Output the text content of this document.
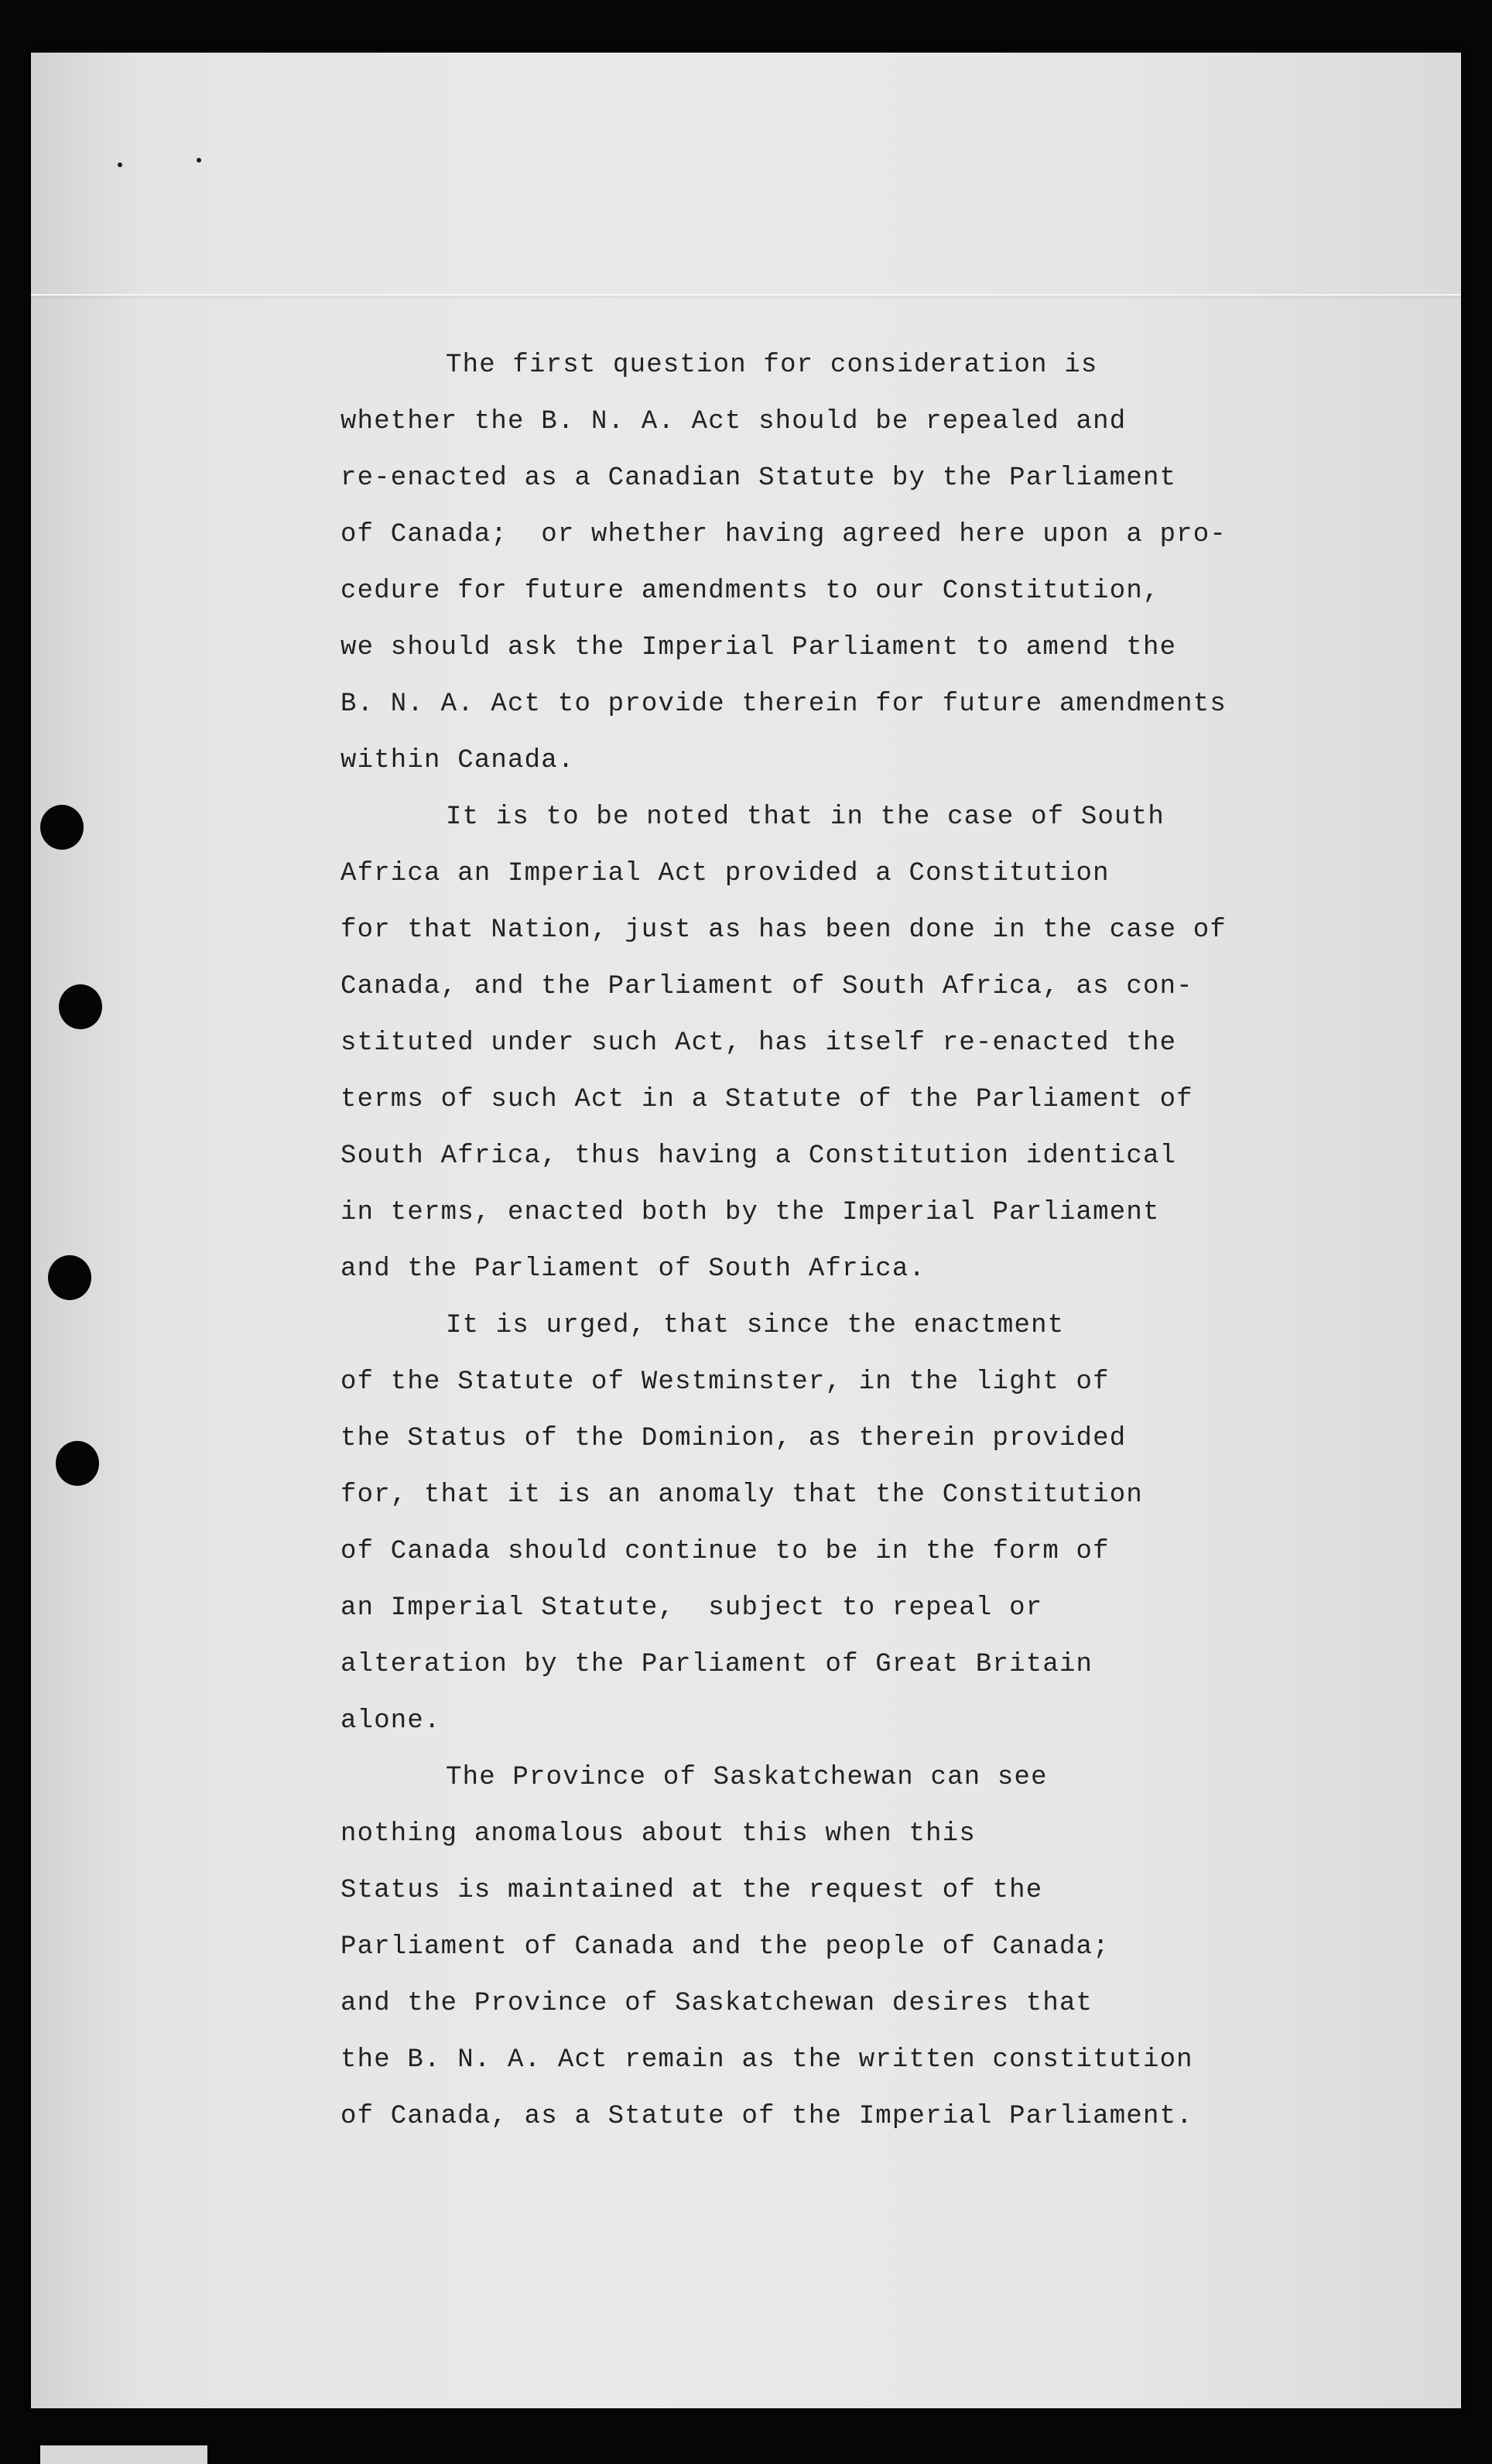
The first question for consideration is
whether the B. N. A. Act should be repealed and
re-enacted as a Canadian Statute by the Parliament
of Canada;  or whether having agreed here upon a pro-
cedure for future amendments to our Constitution,
we should ask the Imperial Parliament to amend the
B. N. A. Act to provide therein for future amendments
within Canada.

It is to be noted that in the case of South
Africa an Imperial Act provided a Constitution
for that Nation, just as has been done in the case of
Canada, and the Parliament of South Africa, as con-
stituted under such Act, has itself re-enacted the
terms of such Act in a Statute of the Parliament of
South Africa, thus having a Constitution identical
in terms, enacted both by the Imperial Parliament
and the Parliament of South Africa.

It is urged, that since the enactment
of the Statute of Westminster, in the light of
the Status of the Dominion, as therein provided
for, that it is an anomaly that the Constitution
of Canada should continue to be in the form of
an Imperial Statute,  subject to repeal or
alteration by the Parliament of Great Britain
alone.

The Province of Saskatchewan can see
nothing anomalous about this when this
Status is maintained at the request of the
Parliament of Canada and the people of Canada;
and the Province of Saskatchewan desires that
the B. N. A. Act remain as the written constitution
of Canada, as a Statute of the Imperial Parliament.
